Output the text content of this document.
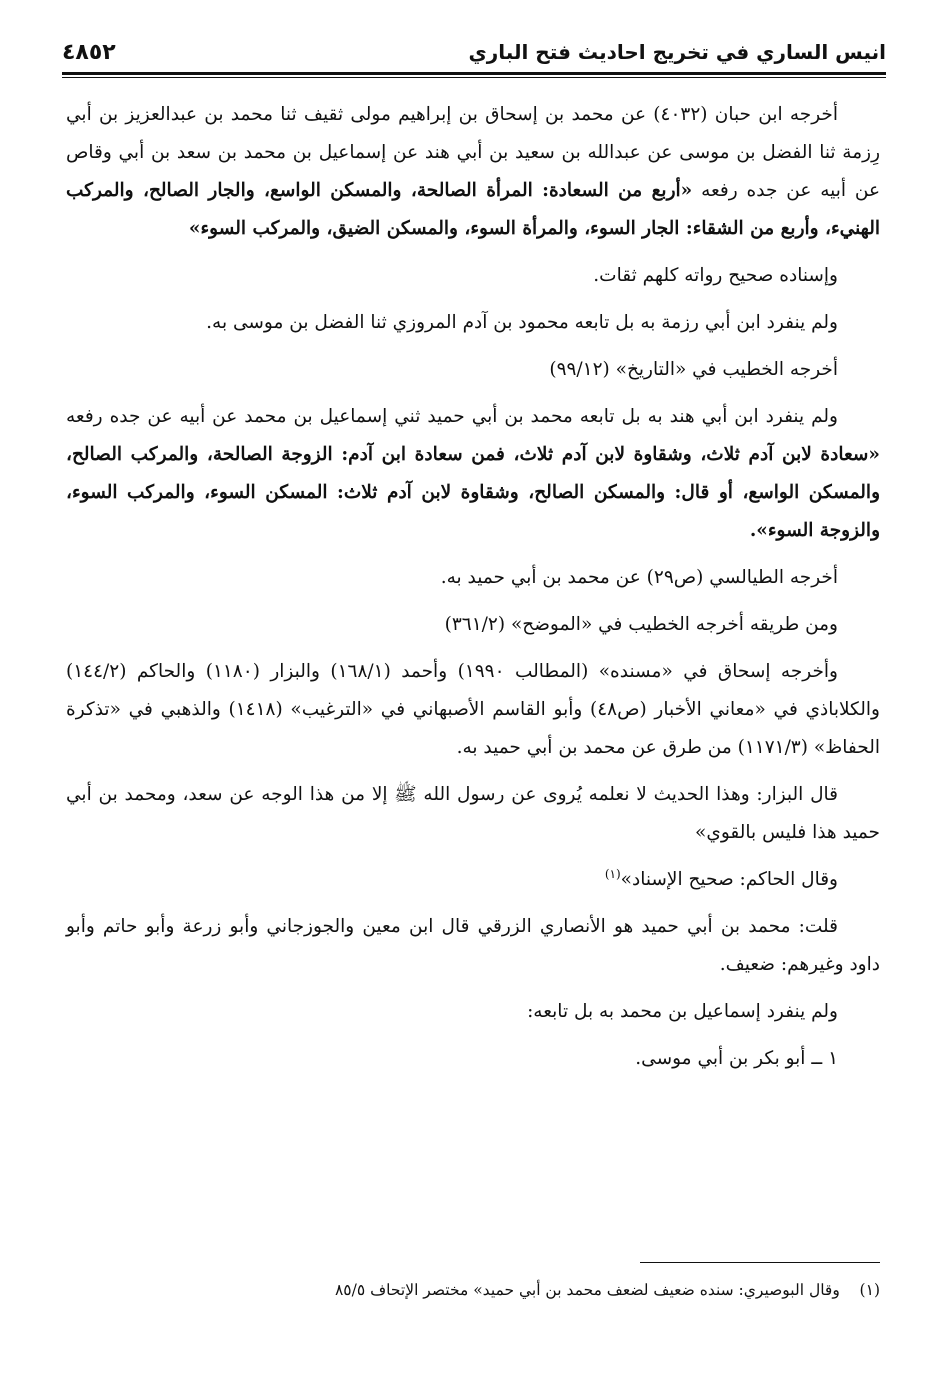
انيس الساري في تخريج احاديث فتح الباري
٤٨٥٢

أخرجه ابن حبان (٤٠٣٢) عن محمد بن إسحاق بن إبراهيم مولى ثقيف ثنا محمد بن عبدالعزيز بن أبي رِزمة ثنا الفضل بن موسى عن عبدالله بن سعيد بن أبي هند عن إسماعيل بن محمد بن سعد بن أبي وقاص عن أبيه عن جده رفعه «أربع من السعادة: المرأة الصالحة، والمسكن الواسع، والجار الصالح، والمركب الهنيء، وأربع من الشقاء: الجار السوء، والمرأة السوء، والمسكن الضيق، والمركب السوء»

وإسناده صحيح رواته كلهم ثقات.

ولم ينفرد ابن أبي رزمة به بل تابعه محمود بن آدم المروزي ثنا الفضل بن موسى به.

أخرجه الخطيب في «التاريخ» (٩٩/١٢)

ولم ينفرد ابن أبي هند به بل تابعه محمد بن أبي حميد ثني إسماعيل بن محمد عن أبيه عن جده رفعه «سعادة لابن آدم ثلاث، وشقاوة لابن آدم ثلاث، فمن سعادة ابن آدم: الزوجة الصالحة، والمركب الصالح، والمسكن الواسع، أو قال: والمسكن الصالح، وشقاوة لابن آدم ثلاث: المسكن السوء، والمركب السوء، والزوجة السوء».

أخرجه الطيالسي (ص٢٩) عن محمد بن أبي حميد به.

ومن طريقه أخرجه الخطيب في «الموضح» (٣٦١/٢)

وأخرجه إسحاق في «مسنده» (المطالب ١٩٩٠) وأحمد (١٦٨/١) والبزار (١١٨٠) والحاكم (١٤٤/٢) والكلاباذي في «معاني الأخبار (ص٤٨) وأبو القاسم الأصبهاني في «الترغيب» (١٤١٨) والذهبي في «تذكرة الحفاظ» (١١٧١/٣) من طرق عن محمد بن أبي حميد به.

قال البزار: وهذا الحديث لا نعلمه يُروى عن رسول الله ﷺ إلا من هذا الوجه عن سعد، ومحمد بن أبي حميد هذا فليس بالقوي»

وقال الحاكم: صحيح الإسناد»$^{(١)}$

قلت: محمد بن أبي حميد هو الأنصاري الزرقي قال ابن معين والجوزجاني وأبو زرعة وأبو حاتم وأبو داود وغيرهم: ضعيف.

ولم ينفرد إسماعيل بن محمد به بل تابعه:

١ ــ أبو بكر بن أبي موسى.

(١)    وقال البوصيري: سنده ضعيف لضعف محمد بن أبي حميد» مختصر الإتحاف ٨٥/٥
